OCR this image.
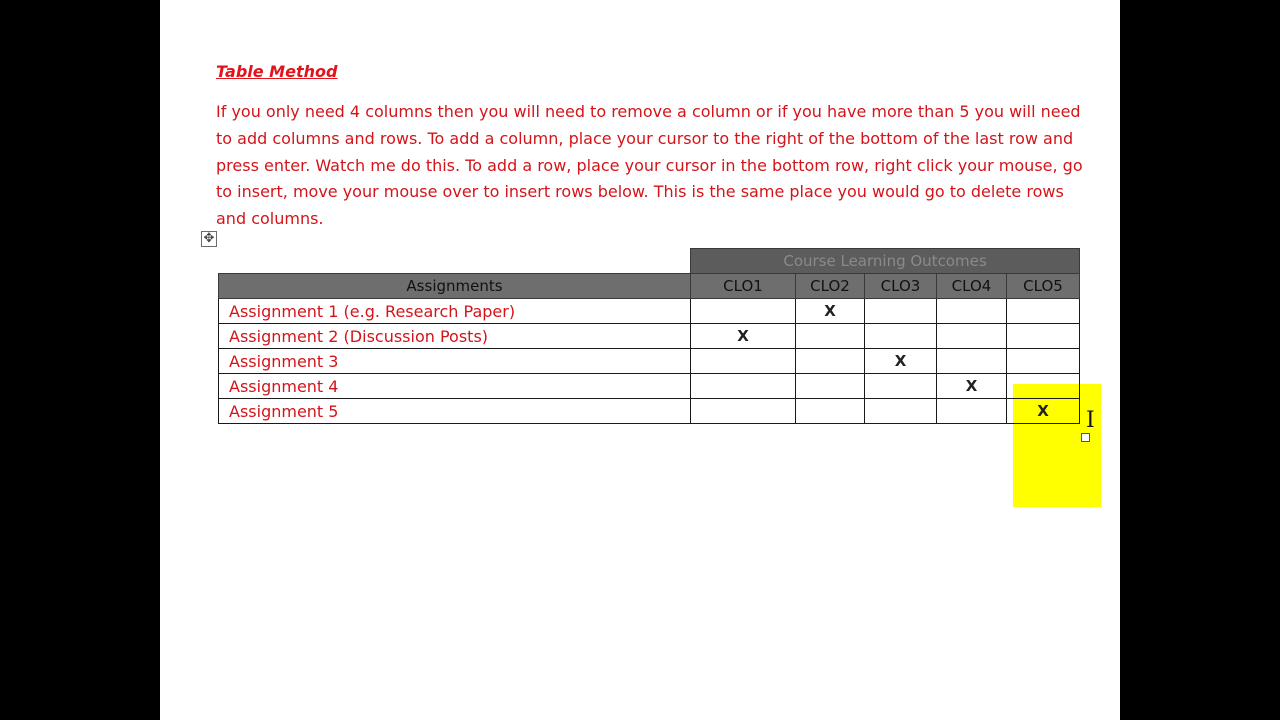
Table Method
If you only need 4 columns then you will need to remove a column or if you have more than 5 you will need to add columns and rows. To add a column, place your cursor to the right of the bottom of the last row and press enter. Watch me do this. To add a row, place your cursor in the bottom row, right click your mouse, go to insert, move your mouse over to insert rows below. This is the same place you would go to delete rows and columns.
✥
	Course Learning Outcomes				
Assignments	CLO1	CLO2	CLO3	CLO4	CLO5
Assignment 1 (e.g. Research Paper)		X			
Assignment 2 (Discussion Posts)	X				
Assignment 3			X		
Assignment 4				X	
Assignment 5					X I
